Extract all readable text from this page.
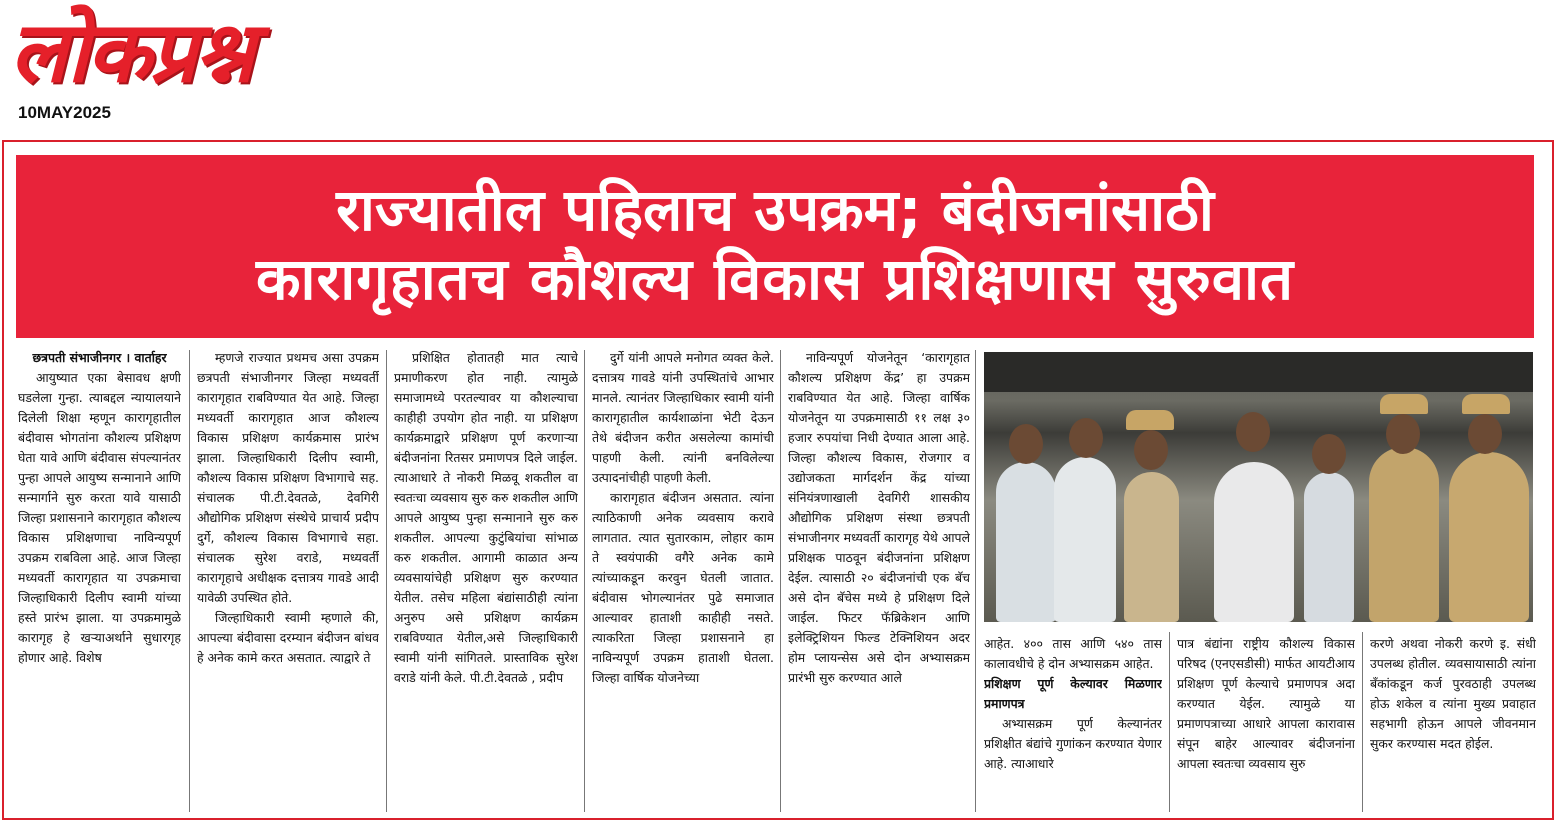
लोकप्रश्न
10MAY2025
राज्यातील पहिलाच उपक्रम; बंदीजनांसाठी
कारागृहातच कौशल्य विकास प्रशिक्षणास सुरुवात

छत्रपती संभाजीनगर । वार्ताहर

आयुष्यात एका बेसावध क्षणी घडलेला गुन्हा. त्याबद्दल न्यायालयाने दिलेली शिक्षा म्हणून कारागृहातील बंदीवास भोगतांना कौशल्य प्रशिक्षण घेता यावे आणि बंदीवास संपल्यानंतर पुन्हा आपले आयुष्य सन्मानाने आणि सन्मार्गाने सुरु करता यावे यासाठी जिल्हा प्रशासनाने कारागृहात कौशल्य विकास प्रशिक्षणाचा नाविन्यपूर्ण उपक्रम राबविला आहे. आज जिल्हा मध्यवर्ती कारागृहात या उपक्रमाचा जिल्हाधिकारी दिलीप स्वामी यांच्या हस्ते प्रारंभ झाला. या उपक्रमामुळे कारागृह हे खऱ्याअर्थाने सुधारगृह होणार आहे. विशेष

म्हणजे राज्यात प्रथमच असा उपक्रम छत्रपती संभाजीनगर जिल्हा मध्यवर्ती कारागृहात राबविण्यात येत आहे. जिल्हा मध्यवर्ती कारागृहात आज कौशल्य विकास प्रशिक्षण कार्यक्रमास प्रारंभ झाला. जिल्हाधिकारी दिलीप स्वामी, कौशल्य विकास प्रशिक्षण विभागाचे सह. संचालक पी.टी.देवतळे, देवगिरी औद्योगिक प्रशिक्षण संस्थेचे प्राचार्य प्रदीप दुर्गे, कौशल्य विकास विभागाचे सहा. संचालक सुरेश वराडे, मध्यवर्ती कारागृहाचे अधीक्षक दत्तात्रय गावडे आदी यावेळी उपस्थित होते.

जिल्हाधिकारी स्वामी म्हणाले की, आपल्या बंदीवासा दरम्यान बंदीजन बांधव हे अनेक कामे करत असतात. त्याद्वारे ते

प्रशिक्षित होतातही मात त्याचे प्रमाणीकरण होत नाही. त्यामुळे समाजामध्ये परतल्यावर या कौशल्याचा काहीही उपयोग होत नाही. या प्रशिक्षण कार्यक्रमाद्वारे प्रशिक्षण पूर्ण करणाऱ्या बंदीजनांना रितसर प्रमाणपत्र दिले जाईल. त्याआधारे ते नोकरी मिळवू शकतील वा स्वतःचा व्यवसाय सुरु करु शकतील आणि आपले आयुष्य पुन्हा सन्मानाने सुरु करु शकतील. आपल्या कुटुंबियांचा सांभाळ करु शकतील. आगामी काळात अन्य व्यवसायांचेही प्रशिक्षण सुरु करण्यात येतील. तसेच महिला बंद्यांसाठीही त्यांना अनुरुप असे प्रशिक्षण कार्यक्रम राबविण्यात येतील,असे जिल्हाधिकारी स्वामी यांनी सांगितले. प्रास्ताविक सुरेश वराडे यांनी केले. पी.टी.देवतळे , प्रदीप

दुर्गे यांनी आपले मनोगत व्यक्त केले. दत्तात्रय गावडे यांनी उपस्थितांचे आभार मानले. त्यानंतर जिल्हाधिकार स्वामी यांनी कारागृहातील कार्यशाळांना भेटी देऊन तेथे बंदीजन करीत असलेल्या कामांची पाहणी केली. त्यांनी बनविलेल्या उत्पादनांचीही पाहणी केली.

कारागृहात बंदीजन असतात. त्यांना त्याठिकाणी अनेक व्यवसाय करावे लागतात. त्यात सुतारकाम, लोहार काम ते स्वयंपाकी वगैरे अनेक कामे त्यांच्याकडून करवुन घेतली जातात. बंदीवास भोगल्यानंतर पुढे समाजात आल्यावर हाताशी काहीही नसते. त्याकरिता जिल्हा प्रशासनाने हा नाविन्यपूर्ण उपक्रम हाताशी घेतला. जिल्हा वार्षिक योजनेच्या

नाविन्यपूर्ण योजनेतून ‘कारागृहात कौशल्य प्रशिक्षण केंद्र’ हा उपक्रम राबविण्यात येत आहे. जिल्हा वार्षिक योजनेतून या उपक्रमासाठी ११ लक्ष ३० हजार रुपयांचा निधी देण्यात आला आहे. जिल्हा कौशल्य विकास, रोजगार व उद्योजकता मार्गदर्शन केंद्र यांच्या संनियंत्रणाखाली देवगिरी शासकीय औद्योगिक प्रशिक्षण संस्था छत्रपती संभाजीनगर मध्यवर्ती कारागृह येथे आपले प्रशिक्षक पाठवून बंदीजनांना प्रशिक्षण देईल. त्यासाठी २० बंदीजनांची एक बॅच असे दोन बॅचेस मध्ये हे प्रशिक्षण दिले जाईल. फिटर फॅब्रिकेशन आणि इलेक्ट्रिशियन फिल्ड टेक्निशियन अदर होम प्लायन्सेस असे दोन अभ्यासक्रम प्रारंभी सुरु करण्यात आले

आहेत. ४०० तास आणि ५४० तास कालावधीचे हे दोन अभ्यासक्रम आहेत.

प्रशिक्षण पूर्ण केल्यावर मिळणार प्रमाणपत्र

अभ्यासक्रम पूर्ण केल्यानंतर प्रशिक्षीत बंद्यांचे गुणांकन करण्यात येणार आहे. त्याआधारे

पात्र बंद्यांना राष्ट्रीय कौशल्य विकास परिषद (एनएसडीसी) मार्फत आयटीआय प्रशिक्षण पूर्ण केल्याचे प्रमाणपत्र अदा करण्यात येईल. त्यामुळे या प्रमाणपत्राच्या आधारे आपला कारावास संपून बाहेर आल्यावर बंदीजनांना आपला स्वतःचा व्यवसाय सुरु

करणे अथवा नोकरी करणे इ. संधी उपलब्ध होतील. व्यवसायासाठी त्यांना बँकांकडून कर्ज पुरवठाही उपलब्ध होऊ शकेल व त्यांना मुख्य प्रवाहात सहभागी होऊन आपले जीवनमान सुकर करण्यास मदत होईल.
